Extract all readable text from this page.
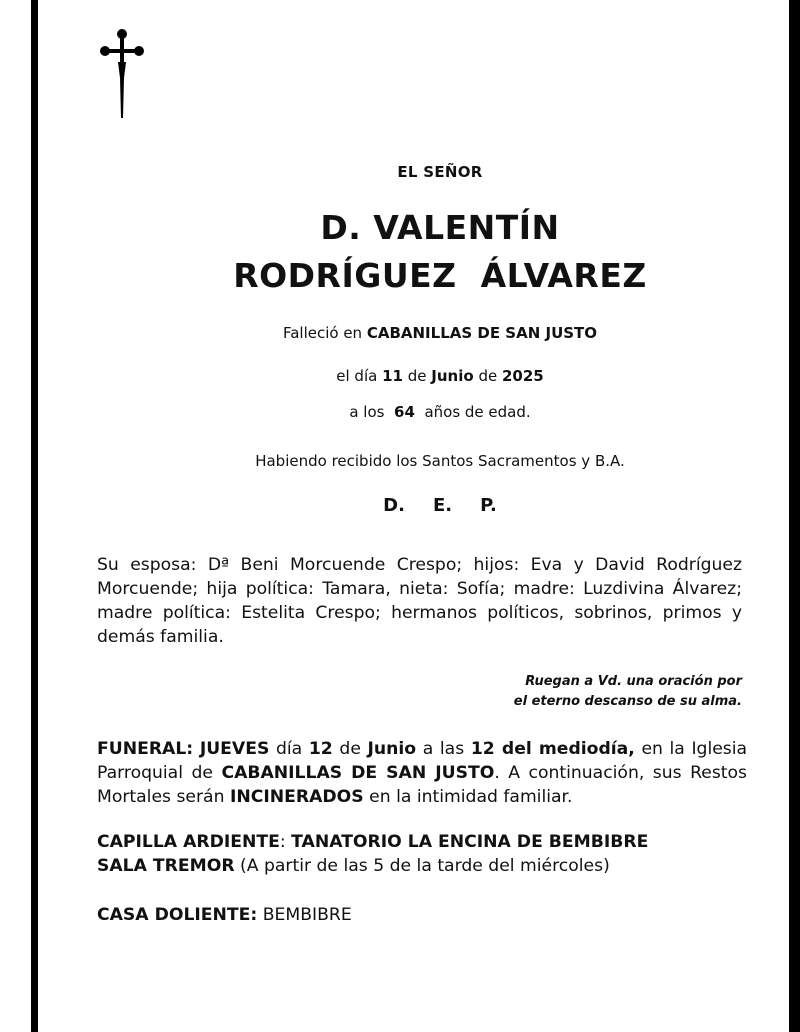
EL SEÑOR
D. VALENTÍN
RODRÍGUEZ  ÁLVAREZ
Falleció en CABANILLAS DE SAN JUSTO
el día 11 de Junio de 2025
a los 64 años de edad.
Habiendo recibido los Santos Sacramentos y B.A.
D. E. P.
Su esposa: Dª Beni Morcuende Crespo; hijos: Eva y David Rodríguez Morcuende; hija política: Tamara, nieta: Sofía; madre: Luzdivina Álvarez; madre política: Estelita Crespo; hermanos políticos, sobrinos, primos y demás familia.
Ruegan a Vd. una oración por
el eterno descanso de su alma.
FUNERAL: JUEVES día 12 de Junio a las 12 del mediodía, en la Iglesia Parroquial de CABANILLAS DE SAN JUSTO. A continuación, sus Restos Mortales serán INCINERADOS en la intimidad familiar.
CAPILLA ARDIENTE: TANATORIO LA ENCINA DE BEMBIBRE
SALA TREMOR (A partir de las 5 de la tarde del miércoles)
CASA DOLIENTE: BEMBIBRE
